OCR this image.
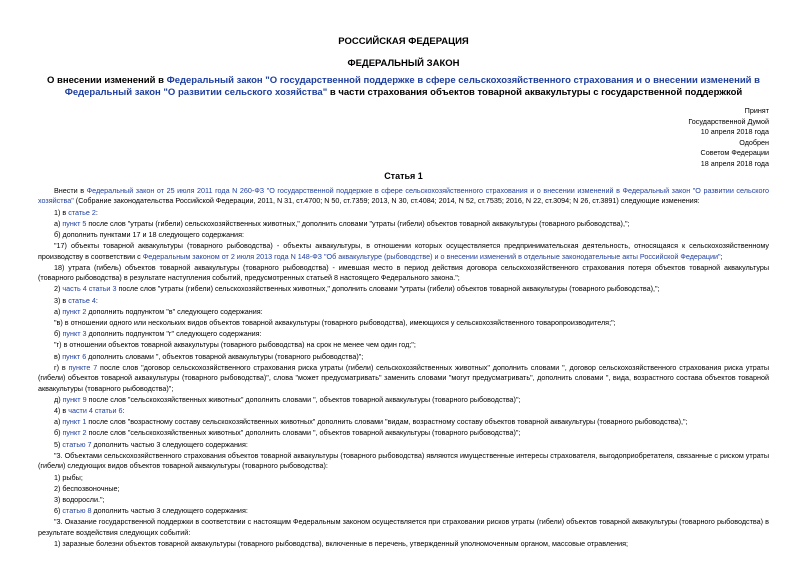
РОССИЙСКАЯ ФЕДЕРАЦИЯ
ФЕДЕРАЛЬНЫЙ ЗАКОН
О внесении изменений в Федеральный закон "О государственной поддержке в сфере сельскохозяйственного страхования и о внесении изменений в Федеральный закон "О развитии сельского хозяйства" в части страхования объектов товарной аквакультуры с государственной поддержкой
Принят
Государственной Думой
10 апреля 2018 года
Одобрен
Советом Федерации
18 апреля 2018 года
Статья 1

Внести в Федеральный закон от 25 июля 2011 года N 260-ФЗ "О государственной поддержке в сфере сельскохозяйственного страхования и о внесении изменений в Федеральный закон "О развитии сельского хозяйства" (Собрание законодательства Российской Федерации, 2011, N 31, ст.4700; N 50, ст.7359; 2013, N 30, ст.4084; 2014, N 52, ст.7535; 2016, N 22, ст.3094; N 26, ст.3891) следующие изменения:

1) в статье 2:

а) пункт 5 после слов "утраты (гибели) сельскохозяйственных животных," дополнить словами "утраты (гибели) объектов товарной аквакультуры (товарного рыбоводства),";

б) дополнить пунктами 17 и 18 следующего содержания:

"17) объекты товарной аквакультуры (товарного рыбоводства) - объекты аквакультуры, в отношении которых осуществляется предпринимательская деятельность, относящаяся к сельскохозяйственному производству в соответствии с Федеральным законом от 2 июля 2013 года N 148-ФЗ "Об аквакультуре (рыбоводстве) и о внесении изменений в отдельные законодательные акты Российской Федерации";

18) утрата (гибель) объектов товарной аквакультуры (товарного рыбоводства) - имевшая место в период действия договора сельскохозяйственного страхования потеря объектов товарной аквакультуры (товарного рыбоводства) в результате наступления событий, предусмотренных статьей 8 настоящего Федерального закона.";

2) часть 4 статьи 3 после слов "утраты (гибели) сельскохозяйственных животных," дополнить словами "утраты (гибели) объектов товарной аквакультуры (товарного рыбоводства),";

3) в статье 4:

а) пункт 2 дополнить подпунктом "в" следующего содержания:

"в) в отношении одного или нескольких видов объектов товарной аквакультуры (товарного рыбоводства), имеющихся у сельскохозяйственного товаропроизводителя;";

б) пункт 3 дополнить подпунктом "г" следующего содержания:

"г) в отношении объектов товарной аквакультуры (товарного рыбоводства) на срок не менее чем один год;";

в) пункт 6 дополнить словами ", объектов товарной аквакультуры (товарного рыбоводства)";

г) в пункте 7 после слов "договор сельскохозяйственного страхования риска утраты (гибели) сельскохозяйственных животных" дополнить словами ", договор сельскохозяйственного страхования риска утраты (гибели) объектов товарной аквакультуры (товарного рыбоводства)", слова "может предусматривать" заменить словами "могут предусматривать", дополнить словами ", вида, возрастного состава объектов товарной аквакультуры (товарного рыбоводства)";

д) пункт 9 после слов "сельскохозяйственных животных" дополнить словами ", объектов товарной аквакультуры (товарного рыбоводства)";

4) в части 4 статьи 6:

а) пункт 1 после слов "возрастному составу сельскохозяйственных животных" дополнить словами "видам, возрастному составу объектов товарной аквакультуры (товарного рыбоводства),";

б) пункт 2 после слов "сельскохозяйственных животных" дополнить словами ", объектов товарной аквакультуры (товарного рыбоводства)";

5) статью 7 дополнить частью 3 следующего содержания:

"3. Объектами сельскохозяйственного страхования объектов товарной аквакультуры (товарного рыбоводства) являются имущественные интересы страхователя, выгодоприобретателя, связанные с риском утраты (гибели) следующих видов объектов товарной аквакультуры (товарного рыбоводства):

1) рыбы;

2) беспозвоночные;

3) водоросли.";

6) статью 8 дополнить частью 3 следующего содержания:

"3. Оказание государственной поддержки в соответствии с настоящим Федеральным законом осуществляется при страховании рисков утраты (гибели) объектов товарной аквакультуры (товарного рыбоводства) в результате воздействия следующих событий:

1) заразные болезни объектов товарной аквакультуры (товарного рыбоводства), включенные в перечень, утвержденный уполномоченным органом, массовые отравления;
